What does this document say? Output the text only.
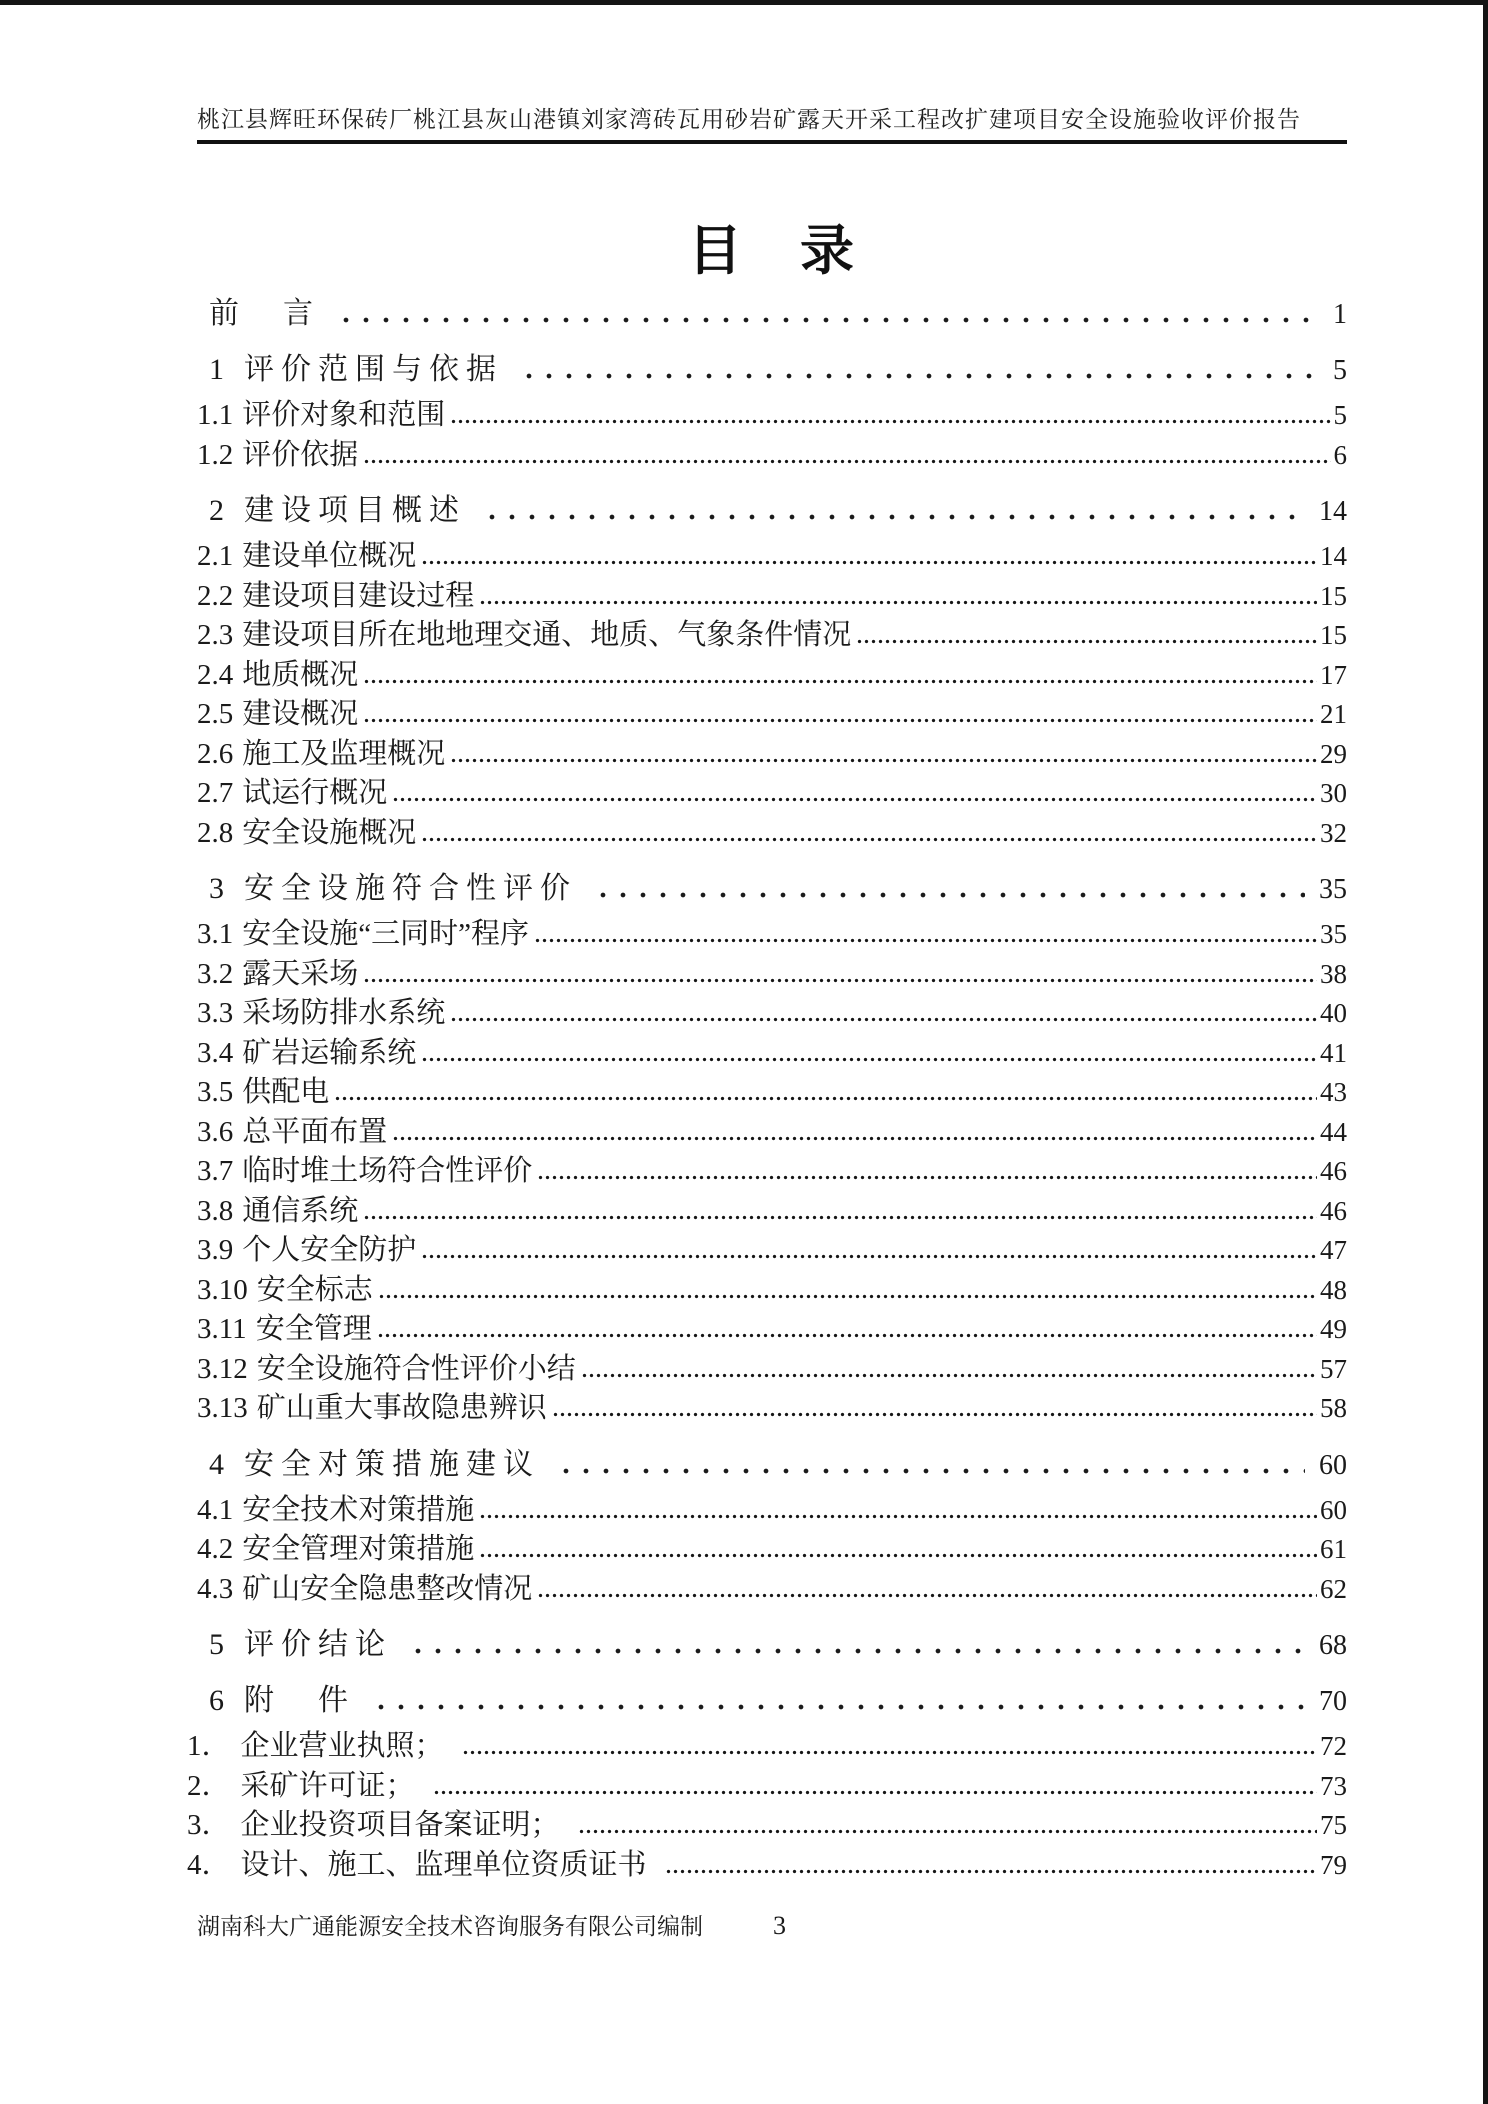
桃江县辉旺环保砖厂桃江县灰山港镇刘家湾砖瓦用砂岩矿露天开采工程改扩建项目安全设施验收评价报告
目　录
前　言	1
1 评价范围与依据	5
1.1 评价对象和范围	5
1.2 评价依据	6
2 建设项目概述	14
2.1 建设单位概况	14
2.2 建设项目建设过程	15
2.3 建设项目所在地地理交通、地质、气象条件情况	15
2.4 地质概况	17
2.5 建设概况	21
2.6 施工及监理概况	29
2.7 试运行概况	30
2.8 安全设施概况	32
3 安全设施符合性评价	35
3.1 安全设施“三同时”程序	35
3.2 露天采场	38
3.3 采场防排水系统	40
3.4 矿岩运输系统	41
3.5 供配电	43
3.6 总平面布置	44
3.7 临时堆土场符合性评价	46
3.8 通信系统	46
3.9 个人安全防护	47
3.10 安全标志	48
3.11 安全管理	49
3.12 安全设施符合性评价小结	57
3.13 矿山重大事故隐患辨识	58
4 安全对策措施建议	60
4.1 安全技术对策措施	60
4.2 安全管理对策措施	61
4.3 矿山安全隐患整改情况	62
5 评价结论	68
6 附　件	70
1． 企业营业执照；	72
2． 采矿许可证；	73
3． 企业投资项目备案证明；	75
4． 设计、施工、监理单位资质证书	79
湖南科大广通能源安全技术咨询服务有限公司编制	3
